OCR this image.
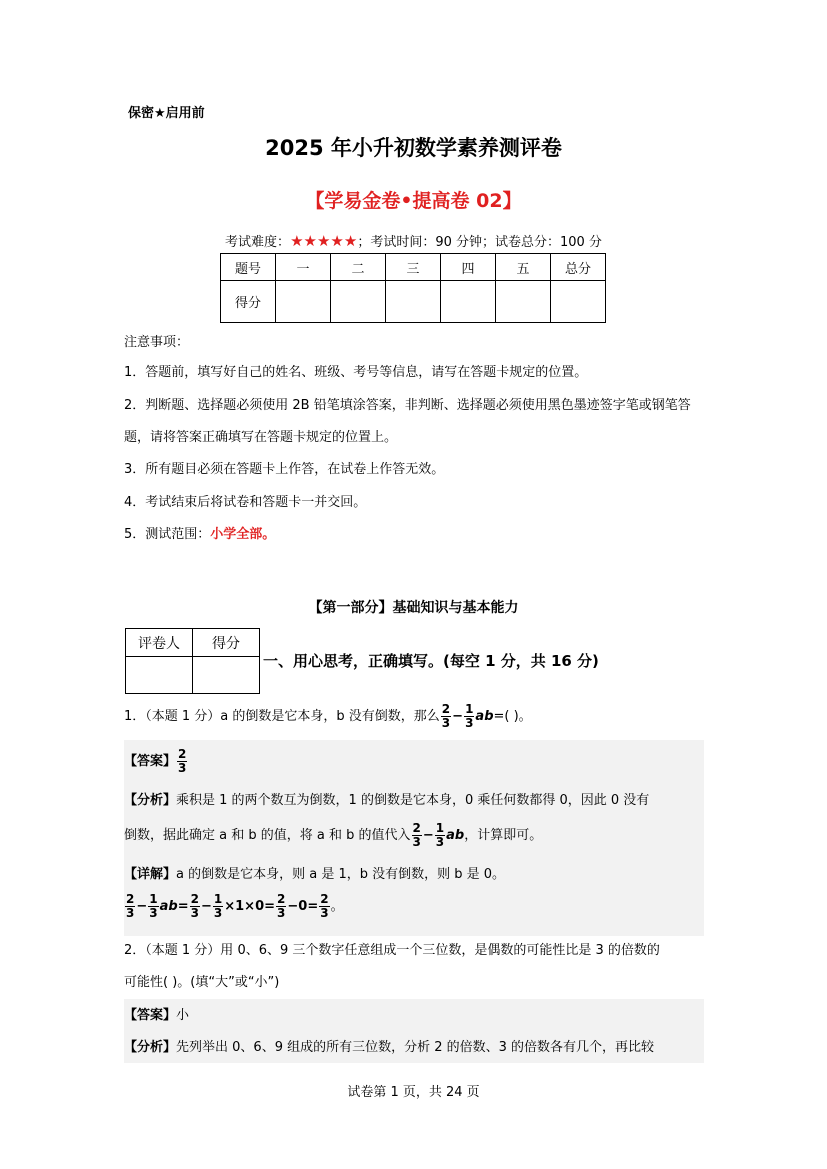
保密★启用前
2025 年小升初数学素养测评卷
【学易金卷•提高卷 02】
考试难度：★★★★★；考试时间：90 分钟；试卷总分：100 分
题号	一	二	三	四	五	总分
得分						
注意事项：
1．答题前，填写好自己的姓名、班级、考号等信息，请写在答题卡规定的位置。
2．判断题、选择题必须使用 2B 铅笔填涂答案，非判断、选择题必须使用黑色墨迹签字笔或钢笔答题，请将答案正确填写在答题卡规定的位置上。
3．所有题目必须在答题卡上作答，在试卷上作答无效。
4．考试结束后将试卷和答题卡一并交回。
5．测试范围：小学全部。
【第一部分】基础知识与基本能力
评卷人	得分

一、用心思考，正确填写。(每空 1 分，共 16 分)
1．（本题 1 分）a 的倒数是它本身，b 没有倒数，那么 $\frac{2}{3} - \frac{1}{3} ab=$( )。
【答案】 $\frac{2}{3}$
【分析】乘积是 1 的两个数互为倒数，1 的倒数是它本身，0 乘任何数都得 0，因此 0 没有
倒数，据此确定 a 和 b 的值，将 a 和 b 的值代入 $\frac{2}{3} - \frac{1}{3}$ ab，计算即可。
【详解】a 的倒数是它本身，则 a 是 1，b 没有倒数，则 b 是 0。
$\frac{2}{3} - \frac{1}{3} ab= \frac{2}{3} - \frac{1}{3} \times 1\times 0= \frac{2}{3} -0= \frac{2}{3}$ 。
2．（本题 1 分）用 0、6、9 三个数字任意组成一个三位数，是偶数的可能性比是 3 的倍数的
可能性( )。(填“大”或“小”)
【答案】小
【分析】先列举出 0、6、9 组成的所有三位数，分析 2 的倍数、3 的倍数各有几个，再比较
试卷第 1 页，共 24 页
